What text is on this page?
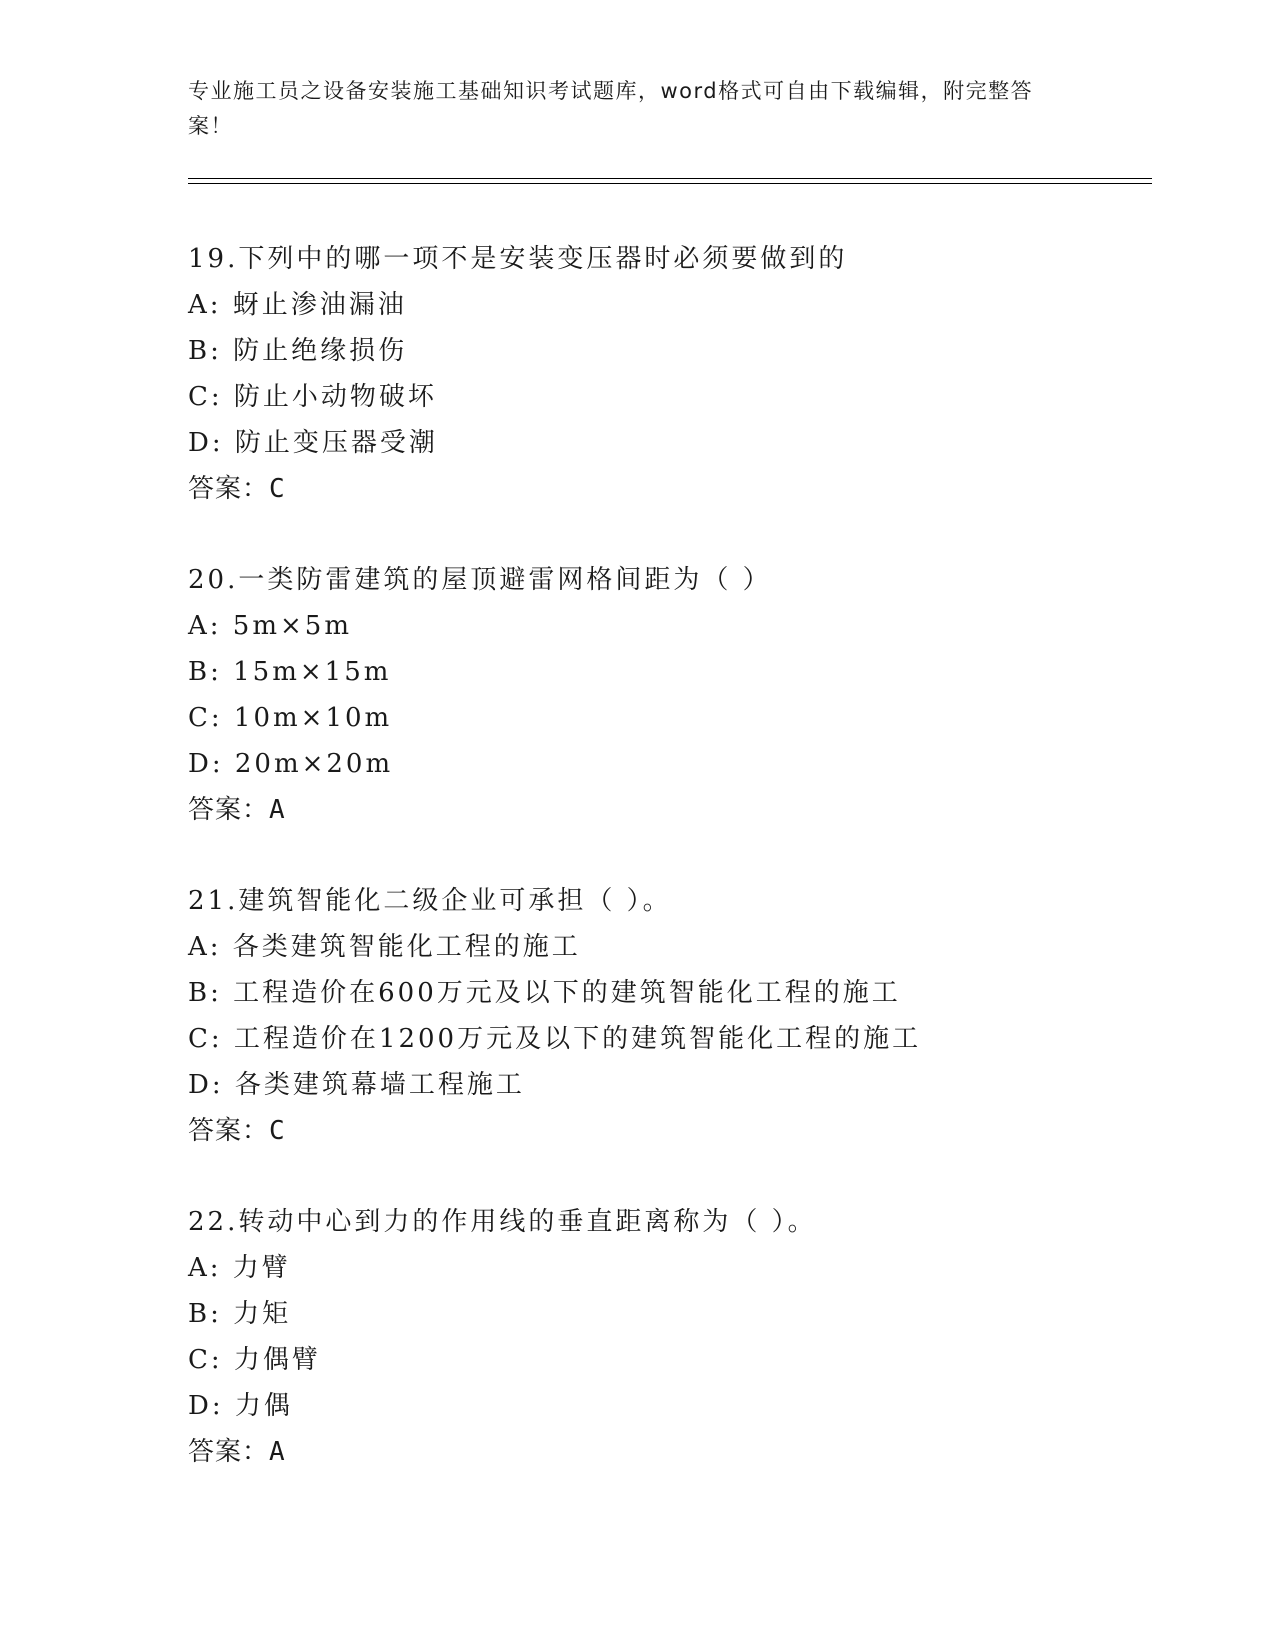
专业施工员之设备安装施工基础知识考试题库，word格式可自由下载编辑，附完整答案！
19.下列中的哪一项不是安装变压器时必须要做到的
A: 蚜止渗油漏油
B: 防止绝缘损伤
C: 防止小动物破坏
D: 防止变压器受潮
答案：C
20.一类防雷建筑的屋顶避雷网格间距为（ ）
A: 5m×5m
B: 15m×15m
C: 10m×10m
D: 20m×20m
答案：A
21.建筑智能化二级企业可承担（ ）。
A: 各类建筑智能化工程的施工
B: 工程造价在600万元及以下的建筑智能化工程的施工
C: 工程造价在1200万元及以下的建筑智能化工程的施工
D: 各类建筑幕墙工程施工
答案：C
22.转动中心到力的作用线的垂直距离称为（ ）。
A: 力臂
B: 力矩
C: 力偶臂
D: 力偶
答案：A
